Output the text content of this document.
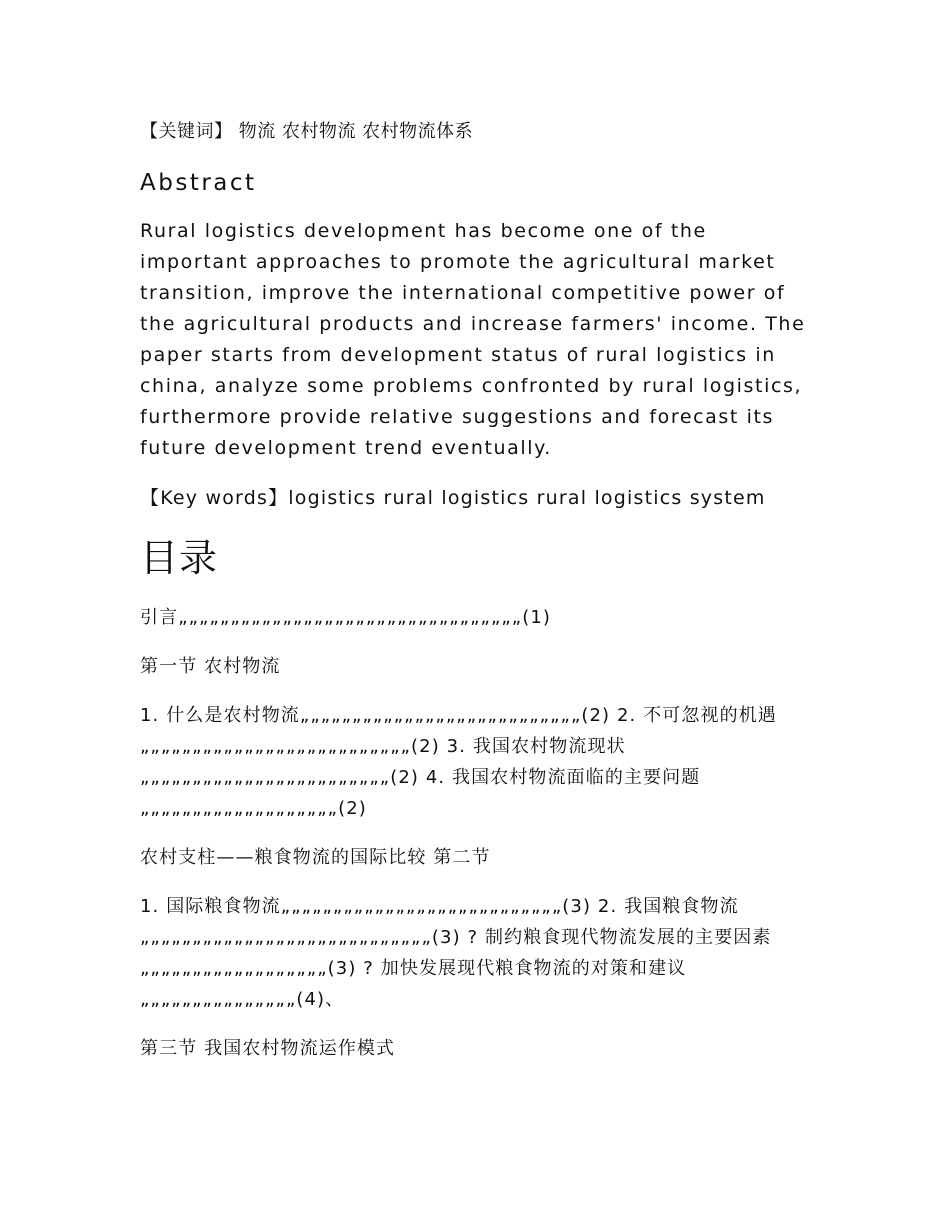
【关键词】 物流 农村物流 农村物流体系

Abstract

Rural logistics development has become one of the important approaches to promote the agricultural market transition, improve the international competitive power of the agricultural products and increase farmers' income. The paper starts from development status of rural logistics in china, analyze some problems confronted by rural logistics, furthermore provide relative suggestions and forecast its future development trend eventually.

【Key words】logistics rural logistics rural logistics system

目录

引言„„„„„„„„„„„„„„„„„„„„„„„„„„„„„„„„„(1)

第一节 农村物流

1. 什么是农村物流„„„„„„„„„„„„„„„„„„„„„„„„„„„(2) 2. 不可忽视的机遇„„„„„„„„„„„„„„„„„„„„„„„„„„(2) 3. 我国农村物流现状„„„„„„„„„„„„„„„„„„„„„„„„(2) 4. 我国农村物流面临的主要问题„„„„„„„„„„„„„„„„„„„(2)

农村支柱——粮食物流的国际比较 第二节

1. 国际粮食物流„„„„„„„„„„„„„„„„„„„„„„„„„„„(3) 2. 我国粮食物流„„„„„„„„„„„„„„„„„„„„„„„„„„„„(3) ? 制约粮食现代物流发展的主要因素„„„„„„„„„„„„„„„„„„(3) ? 加快发展现代粮食物流的对策和建议„„„„„„„„„„„„„„„(4)、

第三节 我国农村物流运作模式
